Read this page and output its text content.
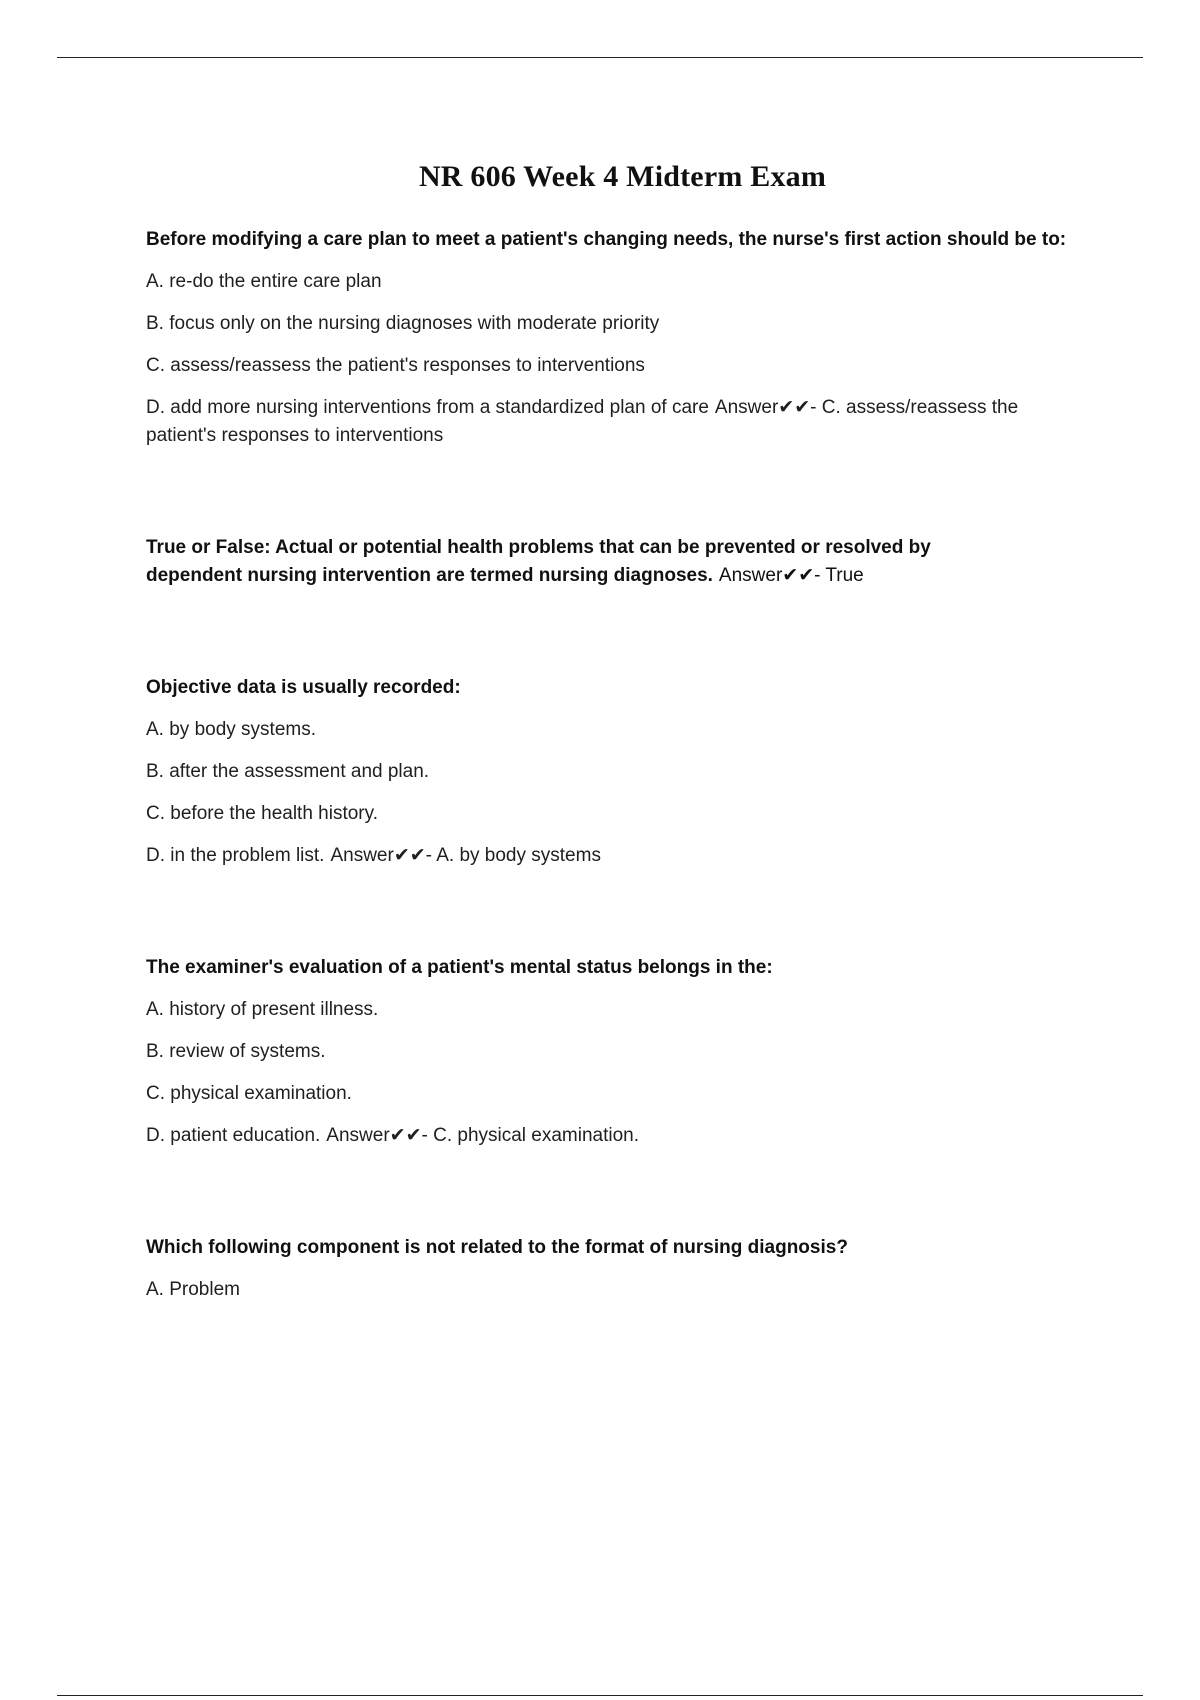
NR 606 Week 4 Midterm Exam
Before modifying a care plan to meet a patient's changing needs, the nurse's first action should be to:
A. re-do the entire care plan
B. focus only on the nursing diagnoses with moderate priority
C. assess/reassess the patient's responses to interventions
D. add more nursing interventions from a standardized plan of care Answer✔✔- C. assess/reassess the patient's responses to interventions
True or False: Actual or potential health problems that can be prevented or resolved by dependent nursing intervention are termed nursing diagnoses. Answer✔✔- True
Objective data is usually recorded:
A. by body systems.
B. after the assessment and plan.
C. before the health history.
D. in the problem list. Answer✔✔- A. by body systems
The examiner's evaluation of a patient's mental status belongs in the:
A. history of present illness.
B. review of systems.
C. physical examination.
D. patient education. Answer✔✔- C. physical examination.
Which following component is not related to the format of nursing diagnosis?
A. Problem
